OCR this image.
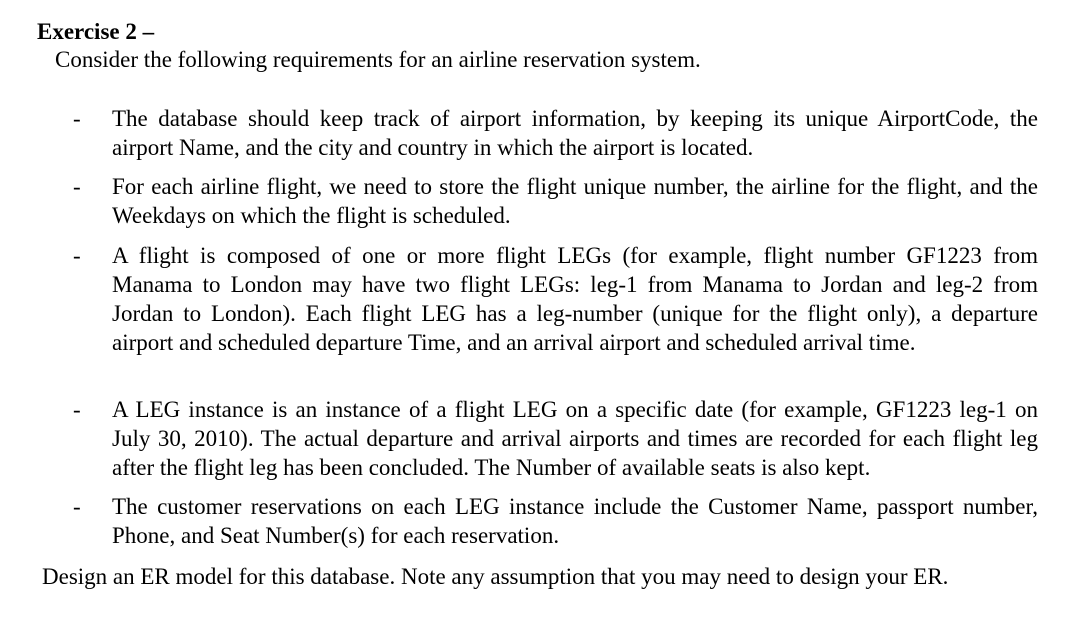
Exercise 2 –
Consider the following requirements for an airline reservation system.
- The database should keep track of airport information, by keeping its unique AirportCode, the airport Name, and the city and country in which the airport is located.
- For each airline flight, we need to store the flight unique number, the airline for the flight, and the Weekdays on which the flight is scheduled.
- A flight is composed of one or more flight LEGs (for example, flight number GF1223 from Manama to London may have two flight LEGs: leg-1 from Manama to Jordan and leg-2 from Jordan to London). Each flight LEG has a leg-number (unique for the flight only), a departure airport and scheduled departure Time, and an arrival airport and scheduled arrival time.
- A LEG instance is an instance of a flight LEG on a specific date (for example, GF1223 leg-1 on July 30, 2010). The actual departure and arrival airports and times are recorded for each flight leg after the flight leg has been concluded. The Number of available seats is also kept.
- The customer reservations on each LEG instance include the Customer Name, passport number, Phone, and Seat Number(s) for each reservation.
Design an ER model for this database. Note any assumption that you may need to design your ER.
